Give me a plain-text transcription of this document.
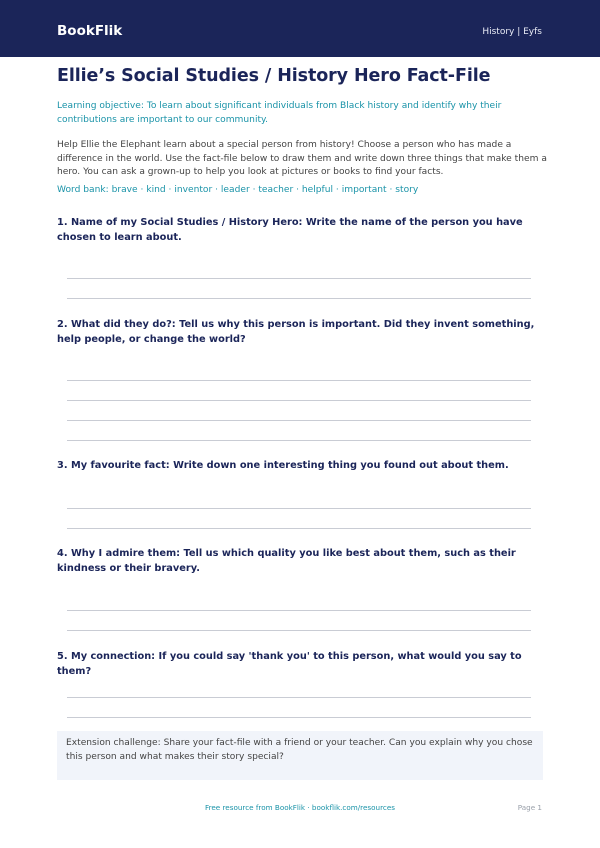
BookFlik	History | Eyfs
Ellie’s Social Studies / History Hero Fact-File
Learning objective: To learn about significant individuals from Black history and identify why their contributions are important to our community.
Help Ellie the Elephant learn about a special person from history! Choose a person who has made a difference in the world. Use the fact-file below to draw them and write down three things that make them a hero. You can ask a grown-up to help you look at pictures or books to find your facts.
Word bank: brave · kind · inventor · leader · teacher · helpful · important · story
1. Name of my Social Studies / History Hero: Write the name of the person you have chosen to learn about.
2. What did they do?: Tell us why this person is important. Did they invent something, help people, or change the world?
3. My favourite fact: Write down one interesting thing you found out about them.
4. Why I admire them: Tell us which quality you like best about them, such as their kindness or their bravery.
5. My connection: If you could say 'thank you' to this person, what would you say to them?
Extension challenge: Share your fact-file with a friend or your teacher. Can you explain why you chose this person and what makes their story special?
Free resource from BookFlik · bookflik.com/resources	Page 1
